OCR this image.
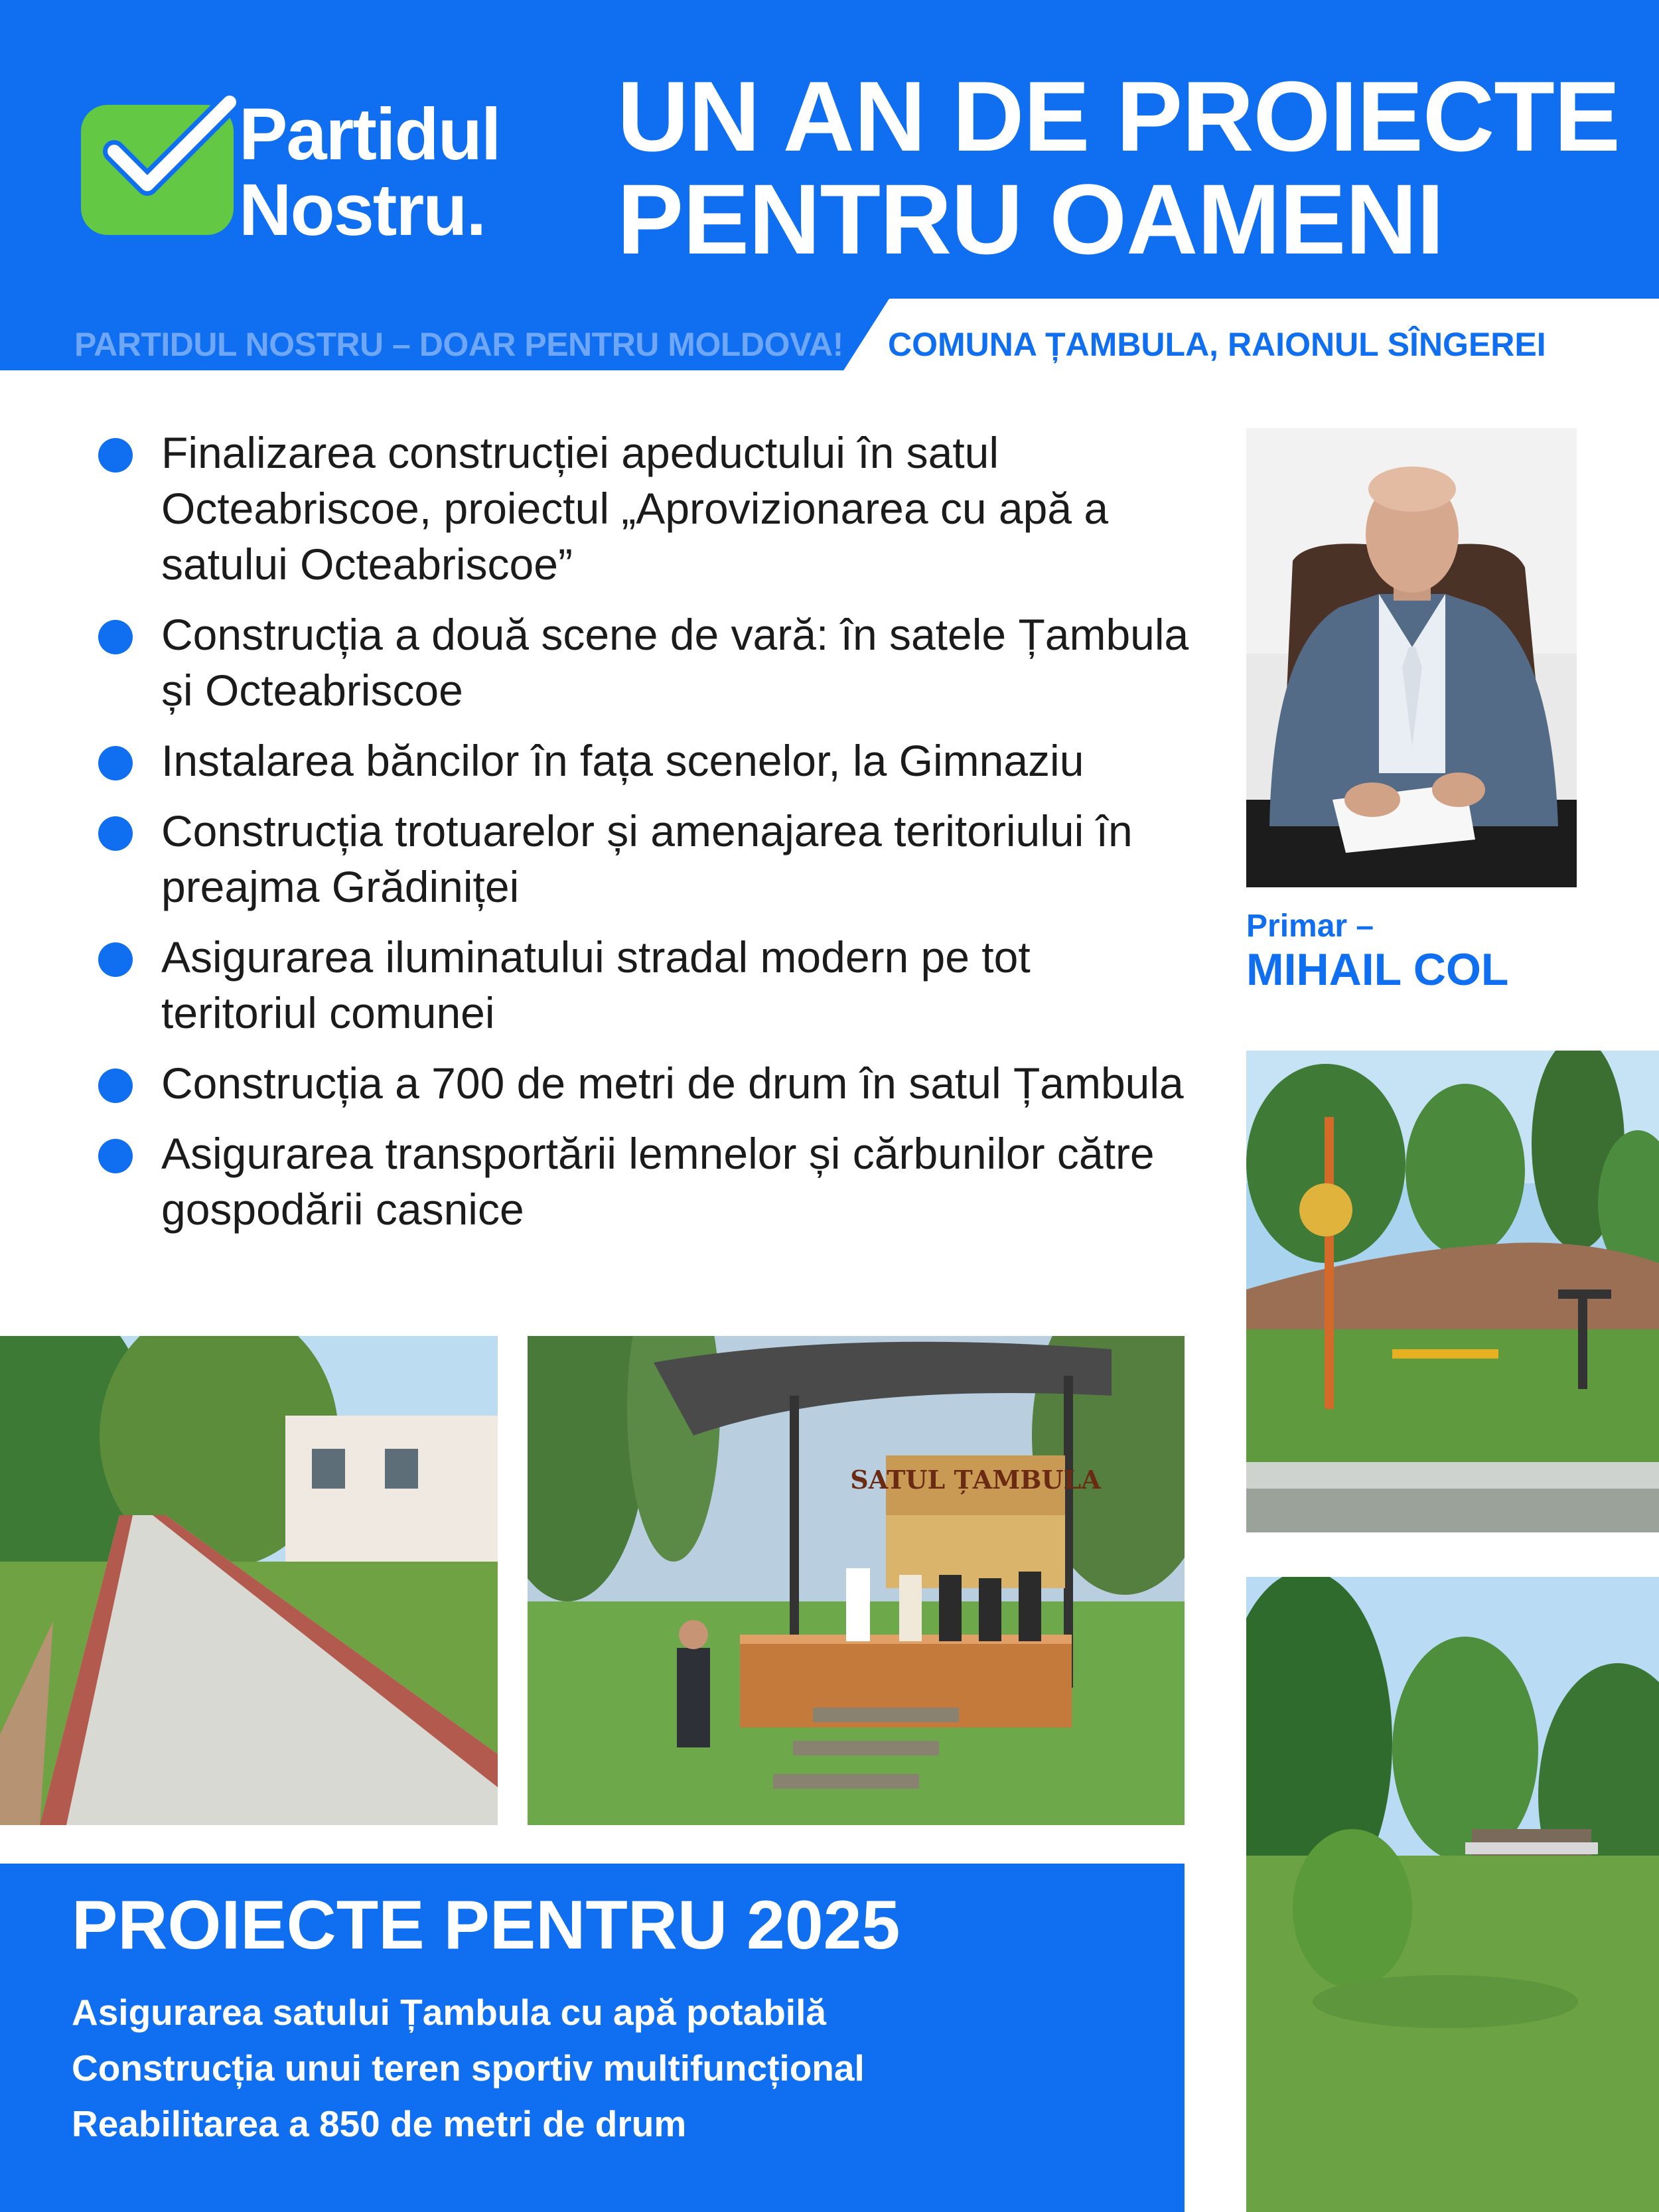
Partidul
Nostru.
UN AN DE PROIECTE
PENTRU OAMENI
PARTIDUL NOSTRU – DOAR PENTRU MOLDOVA! COMUNA ȚAMBULA, RAIONUL SÎNGEREI
Finalizarea construcției apeductului în satul Octeabriscoe, proiectul „Aprovizionarea cu apă a satului Octeabriscoe”
Construcția a două scene de vară: în satele Țambula și Octeabriscoe
Instalarea băncilor în fața scenelor, la Gimnaziu
Construcția trotuarelor și amenajarea teritoriului în preajma Grădiniței
Asigurarea iluminatului stradal modern pe tot teritoriul comunei
Construcția a 700 de metri de drum în satul Țambula
Asigurarea transportării lemnelor și cărbunilor către gospodării casnice
Primar –
MIHAIL COL
SATUL ȚAMBULA
PROIECTE PENTRU 2025
Asigurarea satului Țambula cu apă potabilă
Construcția unui teren sportiv multifuncțional
Reabilitarea a 850 de metri de drum
